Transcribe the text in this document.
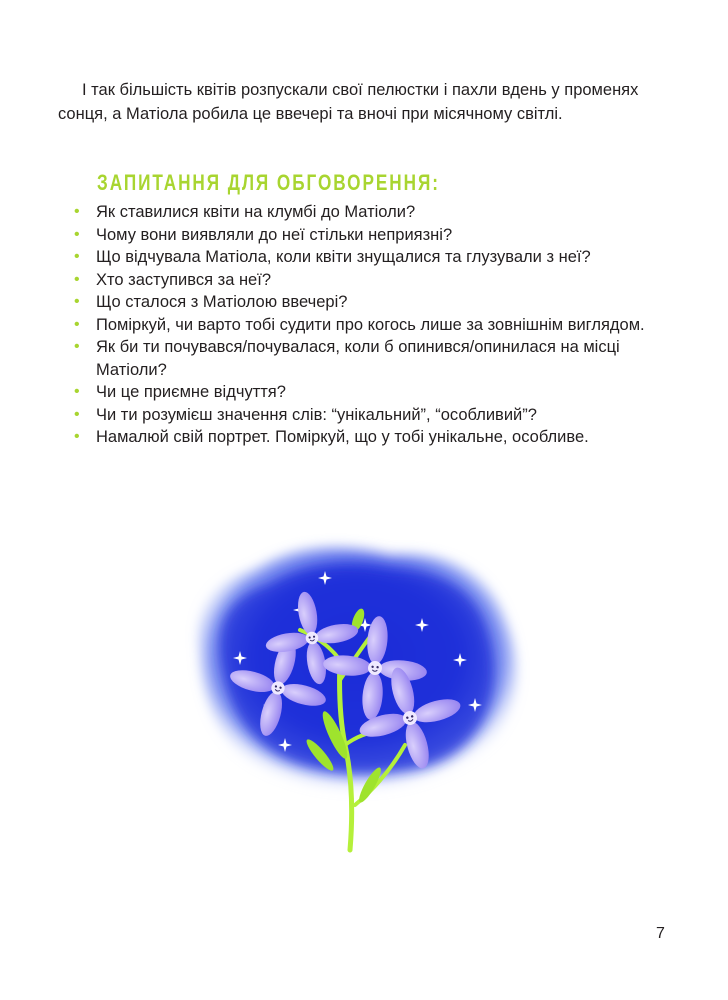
І так більшість квітів розпускали свої пелюстки і пахли вдень у променях сонця, а Матіола робила це ввечері та вночі при місячному світлі.

ЗАПИТАННЯ ДЛЯ ОБГОВОРЕННЯ:
• Як ставилися квіти на клумбі до Матіоли?
• Чому вони виявляли до неї стільки неприязні?
• Що відчувала Матіола, коли квіти знущалися та глузували з неї?
• Хто заступився за неї?
• Що сталося з Матіолою ввечері?
• Поміркуй, чи варто тобі судити про когось лише за зовнішнім виглядом.
• Як би ти почувався/почувалася, коли б опинився/опинилася на місці Матіоли?
• Чи це приємне відчуття?
• Чи ти розумієш значення слів: “унікальний”, “особливий”?
• Намалюй свій портрет. Поміркуй, що у тобі унікальне, особливе.
7
